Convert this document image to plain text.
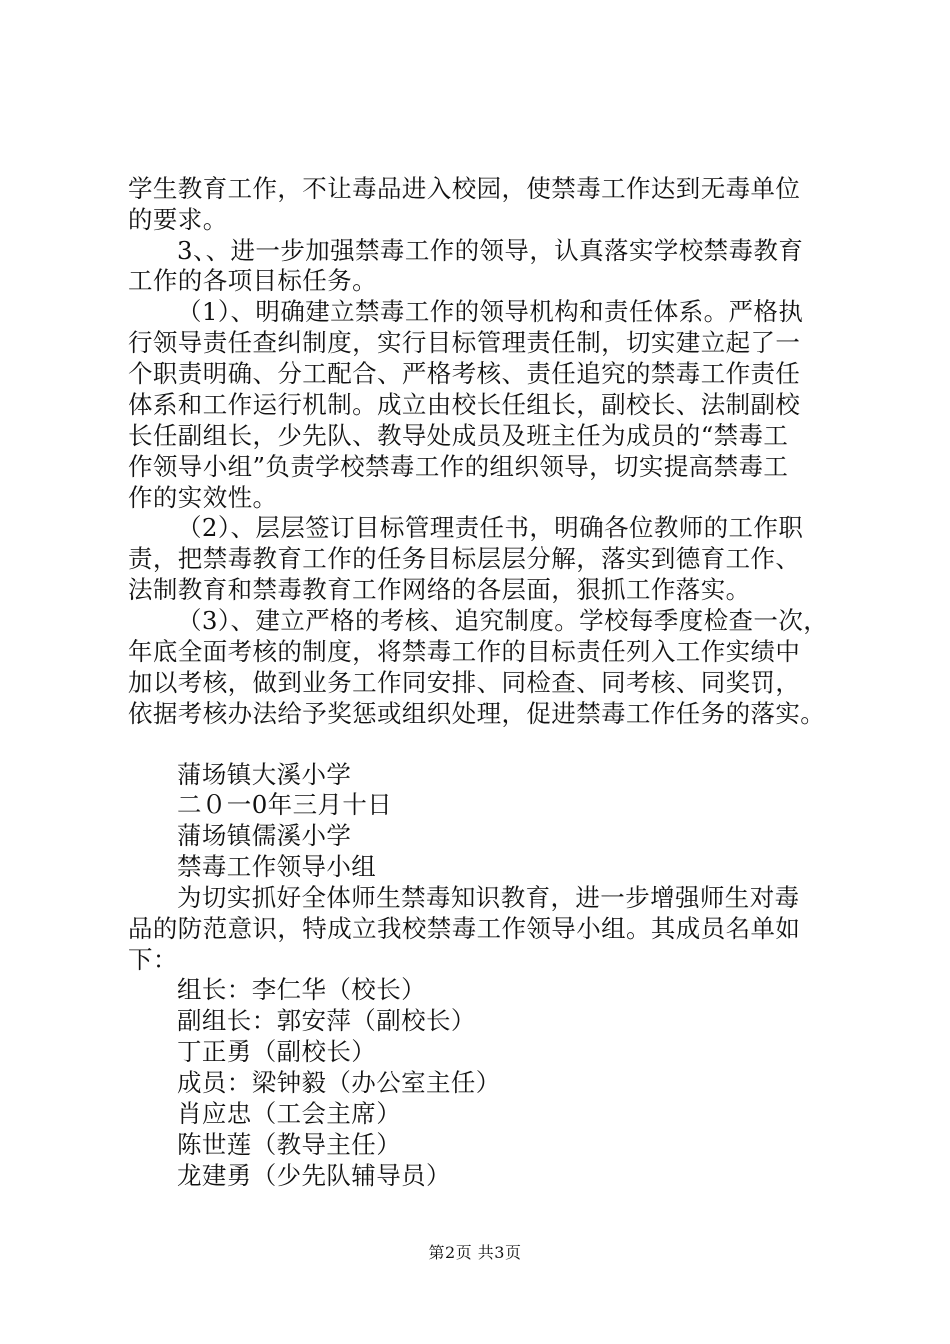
学生教育工作，不让毒品进入校园，使禁毒工作达到无毒单位
的要求。
3、、进一步加强禁毒工作的领导，认真落实学校禁毒教育
工作的各项目标任务。
（1）、明确建立禁毒工作的领导机构和责任体系。严格执
行领导责任查纠制度，实行目标管理责任制，切实建立起了一
个职责明确、分工配合、严格考核、责任追究的禁毒工作责任
体系和工作运行机制。成立由校长任组长，副校长、法制副校
长任副组长，少先队、教导处成员及班主任为成员的“禁毒工
作领导小组”负责学校禁毒工作的组织领导，切实提高禁毒工
作的实效性。
（2）、层层签订目标管理责任书，明确各位教师的工作职
责，把禁毒教育工作的任务目标层层分解，落实到德育工作、
法制教育和禁毒教育工作网络的各层面，狠抓工作落实。
（3）、建立严格的考核、追究制度。学校每季度检查一次，
年底全面考核的制度，将禁毒工作的目标责任列入工作实绩中
加以考核，做到业务工作同安排、同检查、同考核、同奖罚，
依据考核办法给予奖惩或组织处理，促进禁毒工作任务的落实。
蒲场镇大溪小学
二０一0年三月十日
蒲场镇儒溪小学
禁毒工作领导小组
为切实抓好全体师生禁毒知识教育，进一步增强师生对毒
品的防范意识，特成立我校禁毒工作领导小组。其成员名单如
下：
组长：李仁华（校长）
副组长：郭安萍（副校长）
丁正勇（副校长）
成员：梁钟毅（办公室主任）
肖应忠（工会主席）
陈世莲（教导主任）
龙建勇（少先队辅导员）
第2页 共3页
